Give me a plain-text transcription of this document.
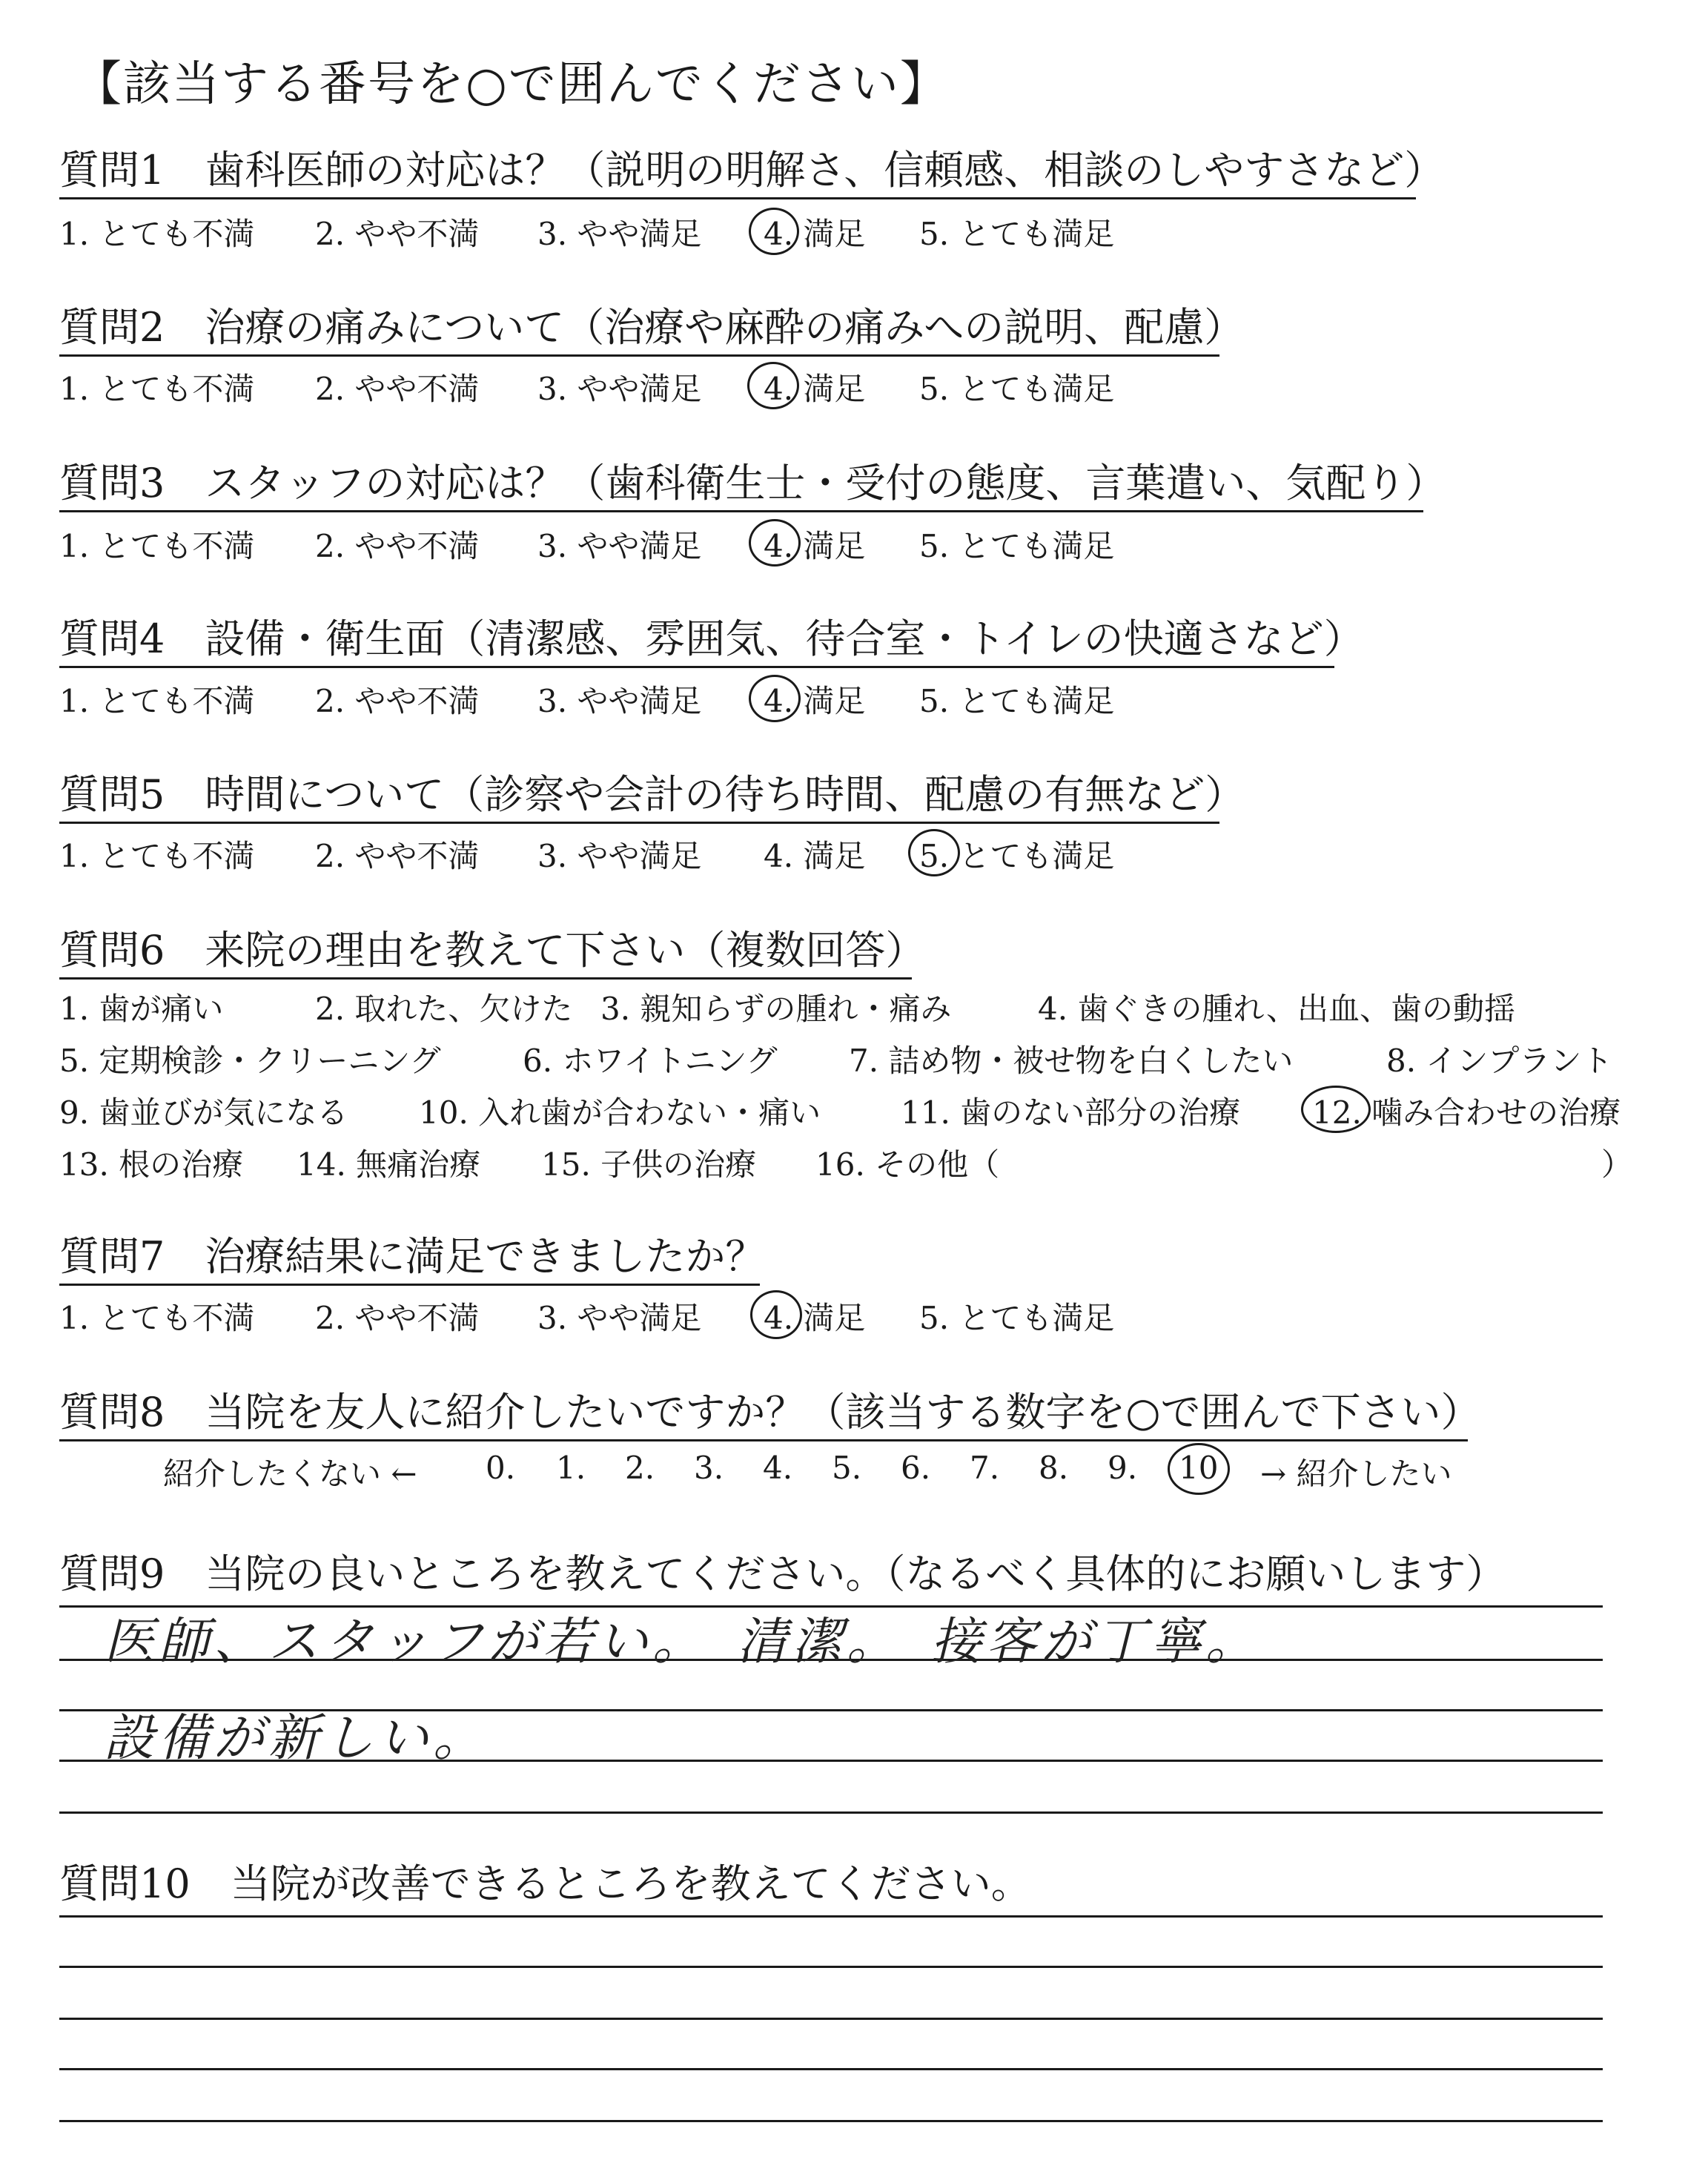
【該当する番号を○で囲んでください】
質問1　歯科医師の対応は？（説明の明解さ、信頼感、相談のしやすさなど）
1. とても不満 2. やや不満 3. やや満足 4. 満足 5. とても満足
質問2　治療の痛みについて（治療や麻酔の痛みへの説明、配慮）
1. とても不満 2. やや不満 3. やや満足 4. 満足 5. とても満足
質問3　スタッフの対応は？（歯科衛生士・受付の態度、言葉遣い、気配り）
1. とても不満 2. やや不満 3. やや満足 4. 満足 5. とても満足
質問4　設備・衛生面（清潔感、雰囲気、待合室・トイレの快適さなど）
1. とても不満 2. やや不満 3. やや満足 4. 満足 5. とても満足
質問5　時間について（診察や会計の待ち時間、配慮の有無など）
1. とても不満 2. やや不満 3. やや満足 4. 満足 5. とても満足
質問6　来院の理由を教えて下さい（複数回答）
1. 歯が痛い	2. 取れた、欠けた 3. 親知らずの腫れ・痛み	4. 歯ぐきの腫れ、出血、歯の動揺
5. 定期検診・クリーニング	6. ホワイトニング 7. 詰め物・被せ物を白くしたい	8. インプラント
9. 歯並びが気になる 10. 入れ歯が合わない・痛い	11. 歯のない部分の治療 12. 噛み合わせの治療
13. 根の治療 14. 無痛治療 15. 子供の治療 16. その他（	）
質問7　治療結果に満足できましたか？
1. とても不満 2. やや不満 3. やや満足 4. 満足 5. とても満足
質問8　当院を友人に紹介したいですか？（該当する数字を○で囲んで下さい）
紹介したくない ← 0. 1. 2. 3. 4. 5. 6. 7. 8. 9. 10 → 紹介したい
質問9　当院の良いところを教えてください。（なるべく具体的にお願いします）
医師、スタッフが若い。　清潔。　接客が丁寧。
設備が新しい。
質問10　当院が改善できるところを教えてください。
